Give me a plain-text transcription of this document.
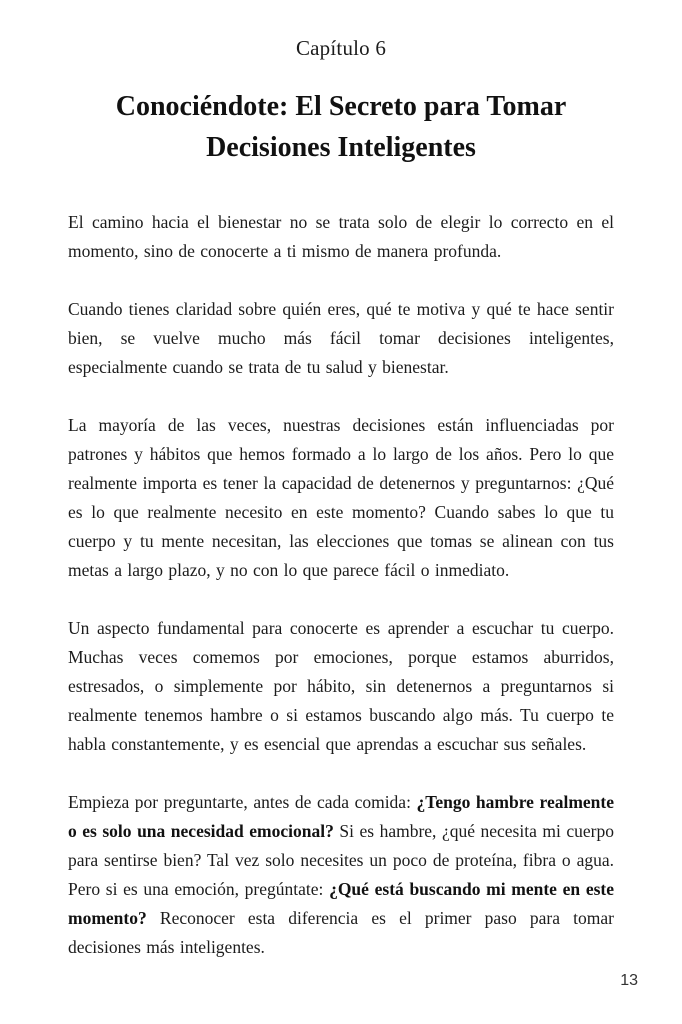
Capítulo 6
Conociéndote: El Secreto para Tomar Decisiones Inteligentes

El camino hacia el bienestar no se trata solo de elegir lo correcto en el momento, sino de conocerte a ti mismo de manera profunda.

Cuando tienes claridad sobre quién eres, qué te motiva y qué te hace sentir bien, se vuelve mucho más fácil tomar decisiones inteligentes, especialmente cuando se trata de tu salud y bienestar.

La mayoría de las veces, nuestras decisiones están influenciadas por patrones y hábitos que hemos formado a lo largo de los años. Pero lo que realmente importa es tener la capacidad de detenernos y preguntarnos: ¿Qué es lo que realmente necesito en este momento? Cuando sabes lo que tu cuerpo y tu mente necesitan, las elecciones que tomas se alinean con tus metas a largo plazo, y no con lo que parece fácil o inmediato.

Un aspecto fundamental para conocerte es aprender a escuchar tu cuerpo. Muchas veces comemos por emociones, porque estamos aburridos, estresados, o simplemente por hábito, sin detenernos a preguntarnos si realmente tenemos hambre o si estamos buscando algo más. Tu cuerpo te habla constantemente, y es esencial que aprendas a escuchar sus señales.

Empieza por preguntarte, antes de cada comida: ¿Tengo hambre realmente o es solo una necesidad emocional? Si es hambre, ¿qué necesita mi cuerpo para sentirse bien? Tal vez solo necesites un poco de proteína, fibra o agua. Pero si es una emoción, pregúntate: ¿Qué está buscando mi mente en este momento? Reconocer esta diferencia es el primer paso para tomar decisiones más inteligentes.

13
